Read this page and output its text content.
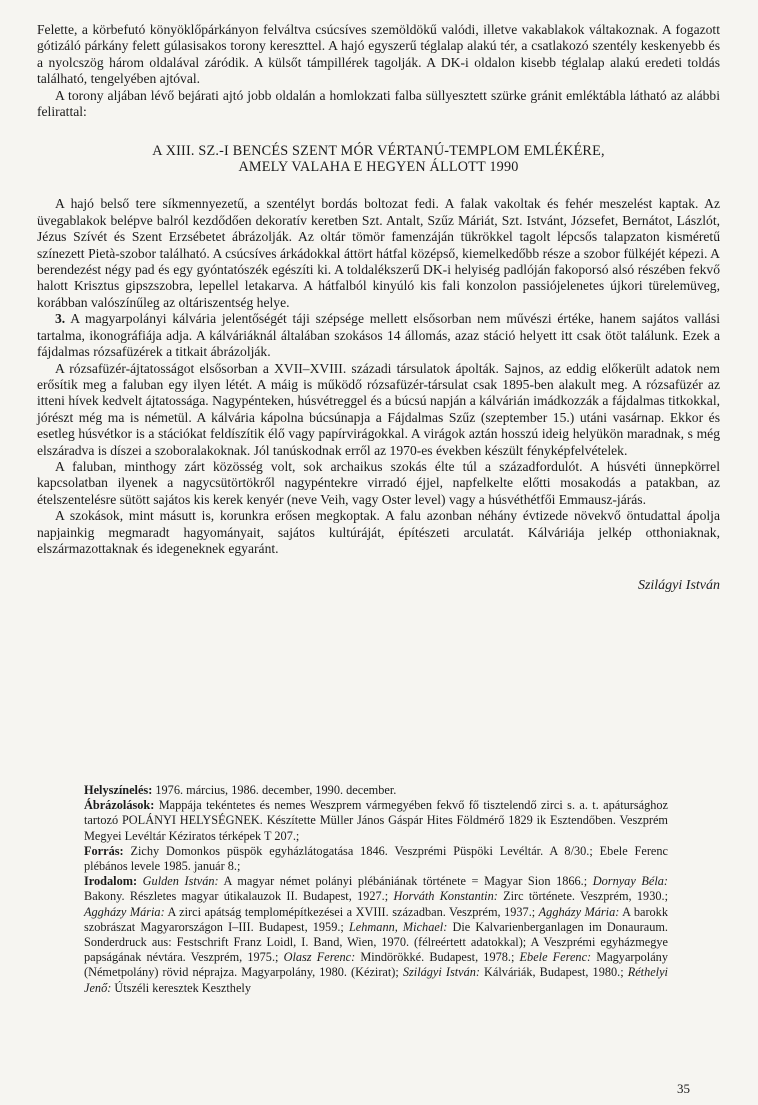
Felette, a körbefutó könyöklőpárkányon felváltva csúcsíves szemöldökű valódi, illetve vakablakok váltakoznak. A fogazott gótizáló párkány felett gúlasisakos torony kereszttel. A hajó egyszerű téglalap alakú tér, a csatlakozó szentély keskenyebb és a nyolcszög három oldalával záródik. A külsőt támpillérek tagolják. A DK-i oldalon kisebb téglalap alakú eredeti toldás található, tengelyében ajtóval.

A torony aljában lévő bejárati ajtó jobb oldalán a homlokzati falba süllyesztett szürke gránit emléktábla látható az alábbi felirattal:

A XIII. SZ.-I BENCÉS SZENT MÓR VÉRTANÚ-TEMPLOM EMLÉKÉRE,
AMELY VALAHA E HEGYEN ÁLLOTT 1990

A hajó belső tere síkmennyezetű, a szentélyt bordás boltozat fedi. A falak vakoltak és fehér meszelést kaptak. Az üvegablakok belépve balról kezdődően dekoratív keretben Szt. Antalt, Szűz Máriát, Szt. Istvánt, Józsefet, Bernátot, Lászlót, Jézus Szívét és Szent Erzsébetet ábrázolják. Az oltár tömör famenzáján tükrökkel tagolt lépcsős talapzaton kisméretű színezett Pietà-szobor található. A csúcsíves árkádokkal áttört hátfal középső, kiemelkedőbb része a szobor fülkéjét képezi. A berendezést négy pad és egy gyóntatószék egészíti ki. A toldalékszerű DK-i helyiség padlóján fakoporsó alsó részében fekvő halott Krisztus gipszszobra, lepellel letakarva. A hátfalból kinyúló kis fali konzolon passiójelenetes újkori türelemüveg, korábban valószínűleg az oltáriszentség helye.

3. A magyarpolányi kálvária jelentőségét táji szépsége mellett elsősorban nem művészi értéke, hanem sajátos vallási tartalma, ikonográfiája adja. A kálváriáknál általában szokásos 14 állomás, azaz stáció helyett itt csak ötöt találunk. Ezek a fájdalmas rózsafüzérek a titkait ábrázolják.

A rózsafüzér-ájtatosságot elsősorban a XVII–XVIII. századi társulatok ápolták. Sajnos, az eddig előkerült adatok nem erősítik meg a faluban egy ilyen létét. A máig is működő rózsafüzér-társulat csak 1895-ben alakult meg. A rózsafüzér az itteni hívek kedvelt ájtatossága. Nagypénteken, húsvétreggel és a búcsú napján a kálvárián imádkozzák a fájdalmas titkokkal, jórészt még ma is németül. A kálvária kápolna búcsúnapja a Fájdalmas Szűz (szeptember 15.) utáni vasárnap. Ekkor és esetleg húsvétkor is a stációkat feldíszítik élő vagy papírvirágokkal. A virágok aztán hosszú ideig helyükön maradnak, s még elszáradva is díszei a szoboralakoknak. Jól tanúskodnak erről az 1970-es években készült fényképfelvételek.

A faluban, minthogy zárt közösség volt, sok archaikus szokás élte túl a századfordulót. A húsvéti ünnepkörrel kapcsolatban ilyenek a nagycsütörtökről nagypéntekre virradó éjjel, napfelkelte előtti mosakodás a patakban, az ételszentelésre sütött sajátos kis kerek kenyér (neve Veih, vagy Oster level) vagy a húsvéthétfői Emmausz-járás.

A szokások, mint másutt is, korunkra erősen megkoptak. A falu azonban néhány évtizede növekvő öntudattal ápolja napjainkig megmaradt hagyományait, sajátos kultúráját, építészeti arculatát. Kálváriája jelkép otthoniaknak, elszármazottaknak és idegeneknek egyaránt.

Szilágyi István

Helyszínelés: 1976. március, 1986. december, 1990. december.

Ábrázolások: Mappája tekéntetes és nemes Weszprem vármegyében fekvő fő tisztelendő zirci s. a. t. apátursághoz tartozó POLÁNYI HELYSÉGNEK. Készítette Müller János Gáspár Hites Földmérő 1829 ik Esztendőben. Veszprém Megyei Levéltár Kéziratos térképek T 207.;

Forrás: Zichy Domonkos püspök egyházlátogatása 1846. Veszprémi Püspöki Levéltár. A 8/30.; Ebele Ferenc plébános levele 1985. január 8.;

Irodalom: Gulden István: A magyar német polányi plébániának története = Magyar Sion 1866.; Dornyay Béla: Bakony. Részletes magyar útikalauzok II. Budapest, 1927.; Horváth Konstantin: Zirc története. Veszprém, 1930.; Aggházy Mária: A zirci apátság templomépítkezései a XVIII. században. Veszprém, 1937.; Aggházy Mária: A barokk szobrászat Magyarországon I–III. Budapest, 1959.; Lehmann, Michael: Die Kalvarienberganlagen im Donauraum. Sonderdruck aus: Festschrift Franz Loidl, I. Band, Wien, 1970. (félreértett adatokkal); A Veszprémi egyházmegye papságának névtára. Veszprém, 1975.; Olasz Ferenc: Mindörökké. Budapest, 1978.; Ebele Ferenc: Magyarpolány (Németpolány) rövid néprajza. Magyarpolány, 1980. (Kézirat); Szilágyi István: Kálváriák, Budapest, 1980.; Réthelyi Jenő: Útszéli keresztek Keszthely

35
